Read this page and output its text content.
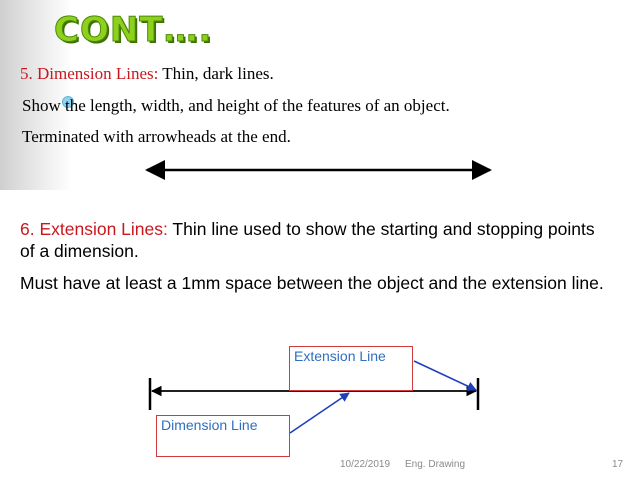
CONT….
5. Dimension Lines: Thin, dark lines.
Show the length, width, and height of the features of an object.
Terminated with arrowheads at the end.

6. Extension Lines: Thin line used to show the starting and stopping points of a dimension.

Must have at least a 1mm space between the object and the extension line.

Extension Line
Dimension Line
10/22/2019 Eng. Drawing	17
